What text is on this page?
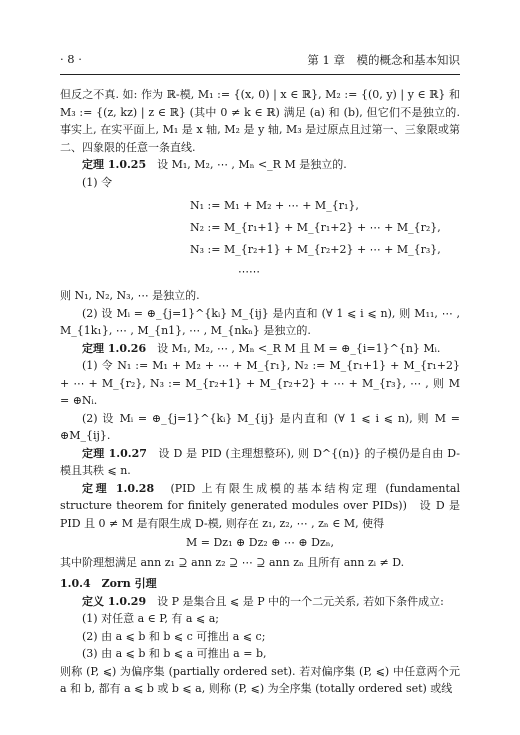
· 8 ·	第 1 章　模的概念和基本知识

但反之不真. 如: 作为 ℝ-模, M₁ := {(x, 0) | x ∈ ℝ}, M₂ := {(0, y) | y ∈ ℝ} 和 M₃ := {(z, kz) | z ∈ ℝ} (其中 0 ≠ k ∈ ℝ) 满足 (a) 和 (b), 但它们不是独立的. 事实上, 在实平面上, M₁ 是 x 轴, M₂ 是 y 轴, M₃ 是过原点且过第一、三象限或第二、四象限的任意一条直线.

定理 1.0.25　 设 M₁, M₂, ⋯ , Mₙ <_R M 是独立的.

(1) 令

N₁ := M₁ + M₂ + ⋯ + M_{r₁},
N₂ := M_{r₁+1} + M_{r₁+2} + ⋯ + M_{r₂},
N₃ := M_{r₂+1} + M_{r₂+2} + ⋯ + M_{r₃},
⋯⋯

则 N₁, N₂, N₃, ⋯ 是独立的.

(2) 设 Mᵢ = ⊕_{j=1}^{kᵢ} M_{ij} 是内直和 (∀ 1 ⩽ i ⩽ n), 则 M₁₁, ⋯ , M_{1k₁}, ⋯ , M_{n1}, ⋯ , M_{nkₙ} 是独立的.

定理 1.0.26　 设 M₁, M₂, ⋯ , Mₙ <_R M 且 M = ⊕_{i=1}^{n} Mᵢ.

(1) 令 N₁ := M₁ + M₂ + ⋯ + M_{r₁}, N₂ := M_{r₁+1} + M_{r₁+2} + ⋯ + M_{r₂}, N₃ := M_{r₂+1} + M_{r₂+2} + ⋯ + M_{r₃}, ⋯ , 则 M = ⊕Nᵢ.

(2) 设 Mᵢ = ⊕_{j=1}^{kᵢ} M_{ij} 是内直和 (∀ 1 ⩽ i ⩽ n), 则 M = ⊕M_{ij}.

定理 1.0.27　 设 D 是 PID (主理想整环), 则 D^{(n)} 的子模仍是自由 D-模且其秩 ⩽ n.

定理 1.0.28　 (PID 上有限生成模的基本结构定理 (fundamental structure theorem for finitely generated modules over PIDs))　设 D 是 PID 且 0 ≠ M 是有限生成 D-模, 则存在 z₁, z₂, ⋯ , zₙ ∈ M, 使得

M = Dz₁ ⊕ Dz₂ ⊕ ⋯ ⊕ Dzₙ,

其中阶理想满足 ann z₁ ⊇ ann z₂ ⊇ ⋯ ⊇ ann zₙ 且所有 ann zᵢ ≠ D.

1.0.4　Zorn 引理

定义 1.0.29　 设 P 是集合且 ⩽ 是 P 中的一个二元关系, 若如下条件成立:

(1) 对任意 a ∈ P, 有 a ⩽ a;

(2) 由 a ⩽ b 和 b ⩽ c 可推出 a ⩽ c;

(3) 由 a ⩽ b 和 b ⩽ a 可推出 a = b,

则称 (P, ⩽) 为偏序集 (partially ordered set). 若对偏序集 (P, ⩽) 中任意两个元 a 和 b, 都有 a ⩽ b 或 b ⩽ a, 则称 (P, ⩽) 为全序集 (totally ordered set) 或线
